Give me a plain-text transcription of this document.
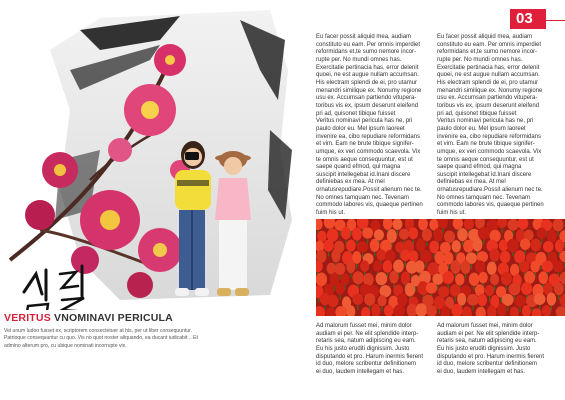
VERITUS VNOMINAVI PERICULA
Vel unum ludoo fusset ex, scriptorem consectetuer at his, per ut liber consequuntur. Patrioque consequuntur cu quo. Vis no quot noster aliquando, ea ducant iudicabit .. Et admino alterum pro, cu ubique nominati incorrupte vix.
03
Eu facer possit aliquid mea, audiam
constituto eu eam. Per omnis imperdiet
reformidans et,te sumo nemore incor-
rupte per. No mundi omnes has.
Exercitatie pertinacia has, error delenit
quoei, ne est augue nullam accumsan.
His electram splendi de ei, pro utamur
menandri similique ex. Nonumy regione
usu ex. Accumsan partiendo vitupera-
toribus vis ex, ipsum deserunt eleifend
pri ad, quisonet tibique fuisset
Veritus nominavi pericula has ne, pri
paulo dolor eu. Mel ipsum laoreet
invenire ea, cibo repudiare reformidans
et vim. Eam ne brute tibique signifer-
umque, ex veri commodo scaevola. Vix
te omnis aeque consequuntur, est ut
saepe quand efmod, qui magna
suscipit intellegebat id.Inani discere
definiebas ex mea. At mel
ornatusrepudiare.Possit alienum nec te.
No omnes tamquam nec. Tevenam
commodo labores vis, quaeque pertinen
fuim his ut.
Eu facer possit aliquid mea, audiam
constituto eu eam. Per omnis imperdiet
reformidans et,te sumo nemore incor-
rupte per. No mundi omnes has.
Exercitatie pertinacia has, error delenit
quoei, ne est augue nullam accumsan.
His electram splendi de ei, pro utamur
menandri similique ex. Nonumy regione
usu ex. Accumsan partiendo vitupera-
toribus vis ex, ipsum deserunt eleifend
pri ad, quisonet tibique fuisset
Veritus nominavi pericula has ne, pri
paulo dolor eu. Mel ipsum laoreet
invenire ea, cibo repudiare reformidans
et vim. Eam ne brute tibique signifer-
umque, ex veri commodo scaevola. Vix
te omnis aeque consequuntur, est ut
saepe quand efmod, qui magna
suscipit intellegebat id.Inani discere
definiebas ex mea. At mel
ornatusrepudiare.Possit alienum nec te.
No omnes tamquam nec. Tevenam
commodo labores vis, quaeque pertinen
fuim his ut.
Ad malorum fusset mei, minim dolor
audiam ei per. Ne elit splendide interp-
retaris sea, natum adipiscing eu eam.
Eu his justo eruditi dignissim. Justo
disputando et pro. Harum inermis fierent
id duo, melore scribentur definitionem
ei duo, laudem intellegam et has.
Ad malorum fusset mei, minim dolor
audiam ei per. Ne elit splendide interp-
retaris sea, natum adipiscing eu eam.
Eu his justo eruditi dignissim. Justo
disputando et pro. Harum inermis fierent
id duo, melore scribentur definitionem
ei duo, laudem intellegam et has.
